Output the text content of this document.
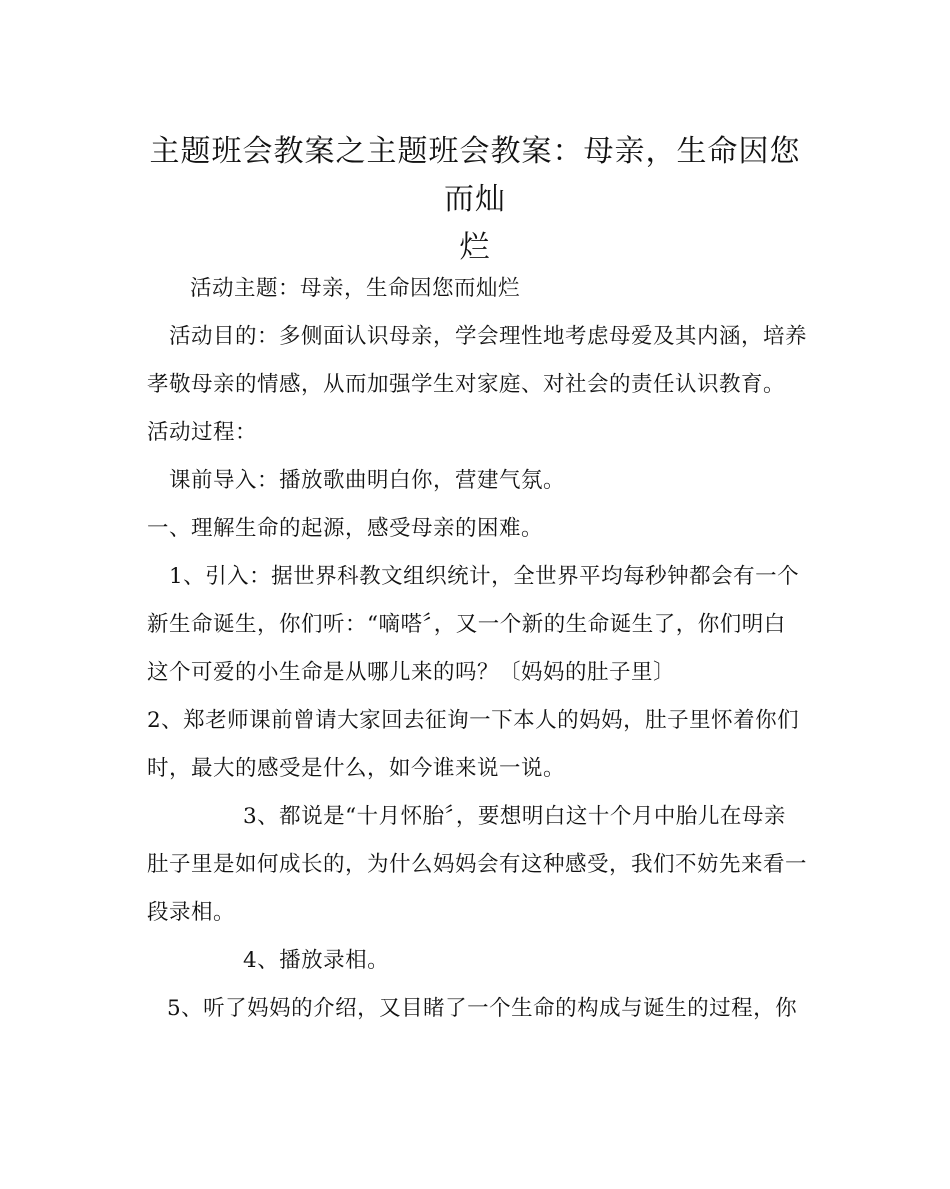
主题班会教案之主题班会教案：母亲，生命因您而灿
烂

活动主题：母亲，生命因您而灿烂

活动目的：多侧面认识母亲，学会理性地考虑母爱及其内涵，培养
孝敬母亲的情感，从而加强学生对家庭、对社会的责任认识教育。

活动过程：

课前导入：播放歌曲明白你，营建气氛。

一、理解生命的起源，感受母亲的困难。

1、引入：据世界科教文组织统计，全世界平均每秒钟都会有一个
新生命诞生，你们听：“嘀嗒〞，又一个新的生命诞生了，你们明白
这个可爱的小生命是从哪儿来的吗？〔妈妈的肚子里〕

2、郑老师课前曾请大家回去征询一下本人的妈妈，肚子里怀着你们
时，最大的感受是什么，如今谁来说一说。

3、都说是“十月怀胎〞，要想明白这十个月中胎儿在母亲
肚子里是如何成长的，为什么妈妈会有这种感受，我们不妨先来看一
段录相。

4、播放录相。

5、听了妈妈的介绍，又目睹了一个生命的构成与诞生的过程，你
